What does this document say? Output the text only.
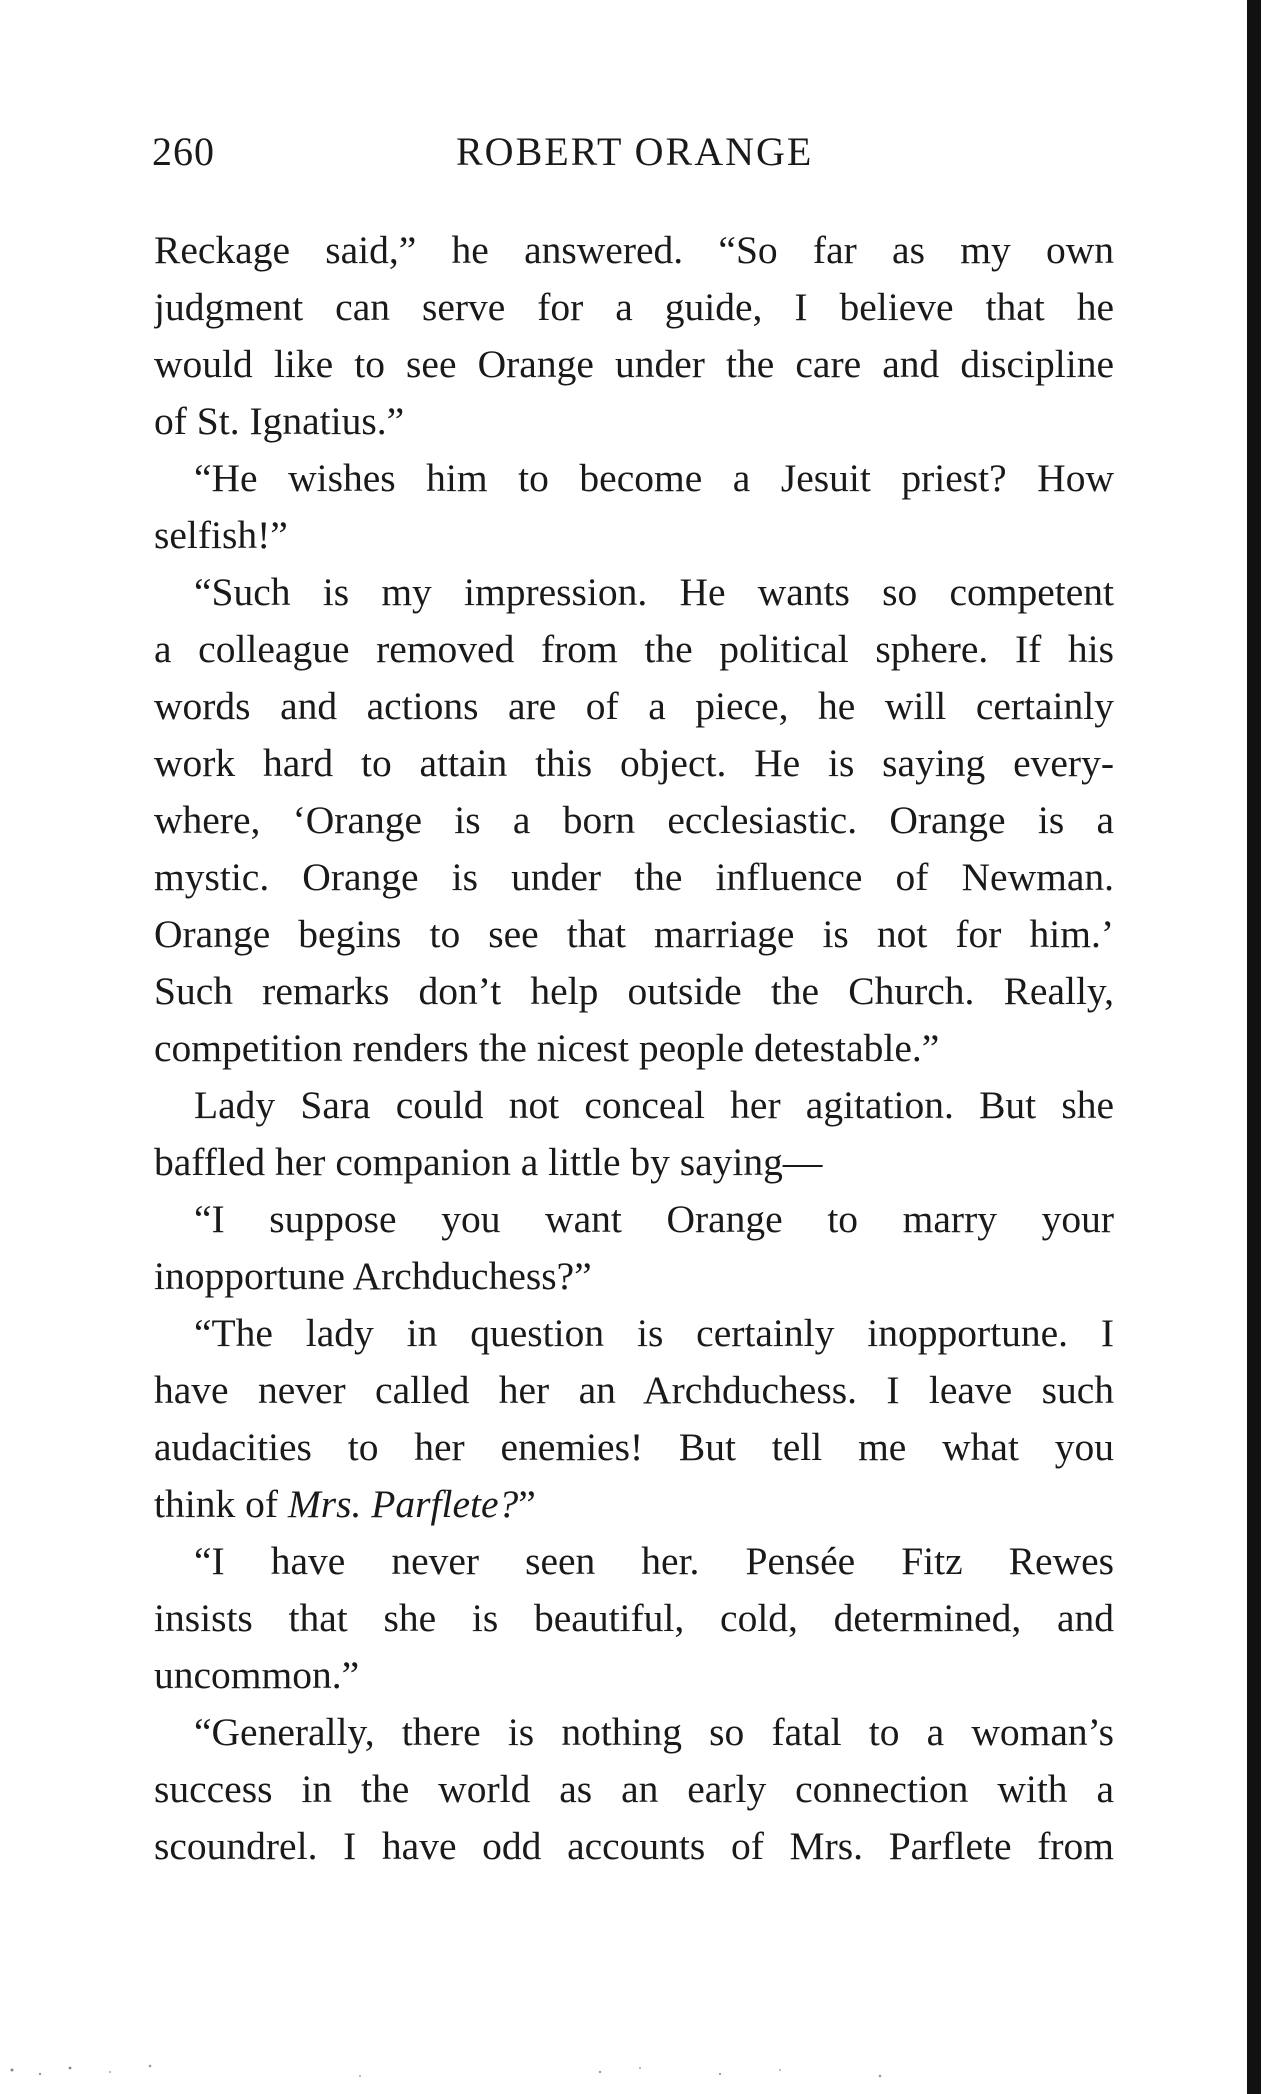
260	ROBERT ORANGE
Reckage said,” he answered. “So far as my own
judgment can serve for a guide, I believe that he
would like to see Orange under the care and discipline
of St. Ignatius.”
“He wishes him to become a Jesuit priest? How
selfish!”
“Such is my impression. He wants so competent
a colleague removed from the political sphere. If his
words and actions are of a piece, he will certainly
work hard to attain this object. He is saying every-
where, ‘Orange is a born ecclesiastic. Orange is a
mystic. Orange is under the influence of Newman.
Orange begins to see that marriage is not for him.’
Such remarks don’t help outside the Church. Really,
competition renders the nicest people detestable.”
Lady Sara could not conceal her agitation. But she
baffled her companion a little by saying—
“I suppose you want Orange to marry your
inopportune Archduchess?”
“The lady in question is certainly inopportune. I
have never called her an Archduchess. I leave such
audacities to her enemies! But tell me what you
think of Mrs. Parflete?”
“I have never seen her. Pensée Fitz Rewes
insists that she is beautiful, cold, determined, and
uncommon.”
“Generally, there is nothing so fatal to a woman’s
success in the world as an early connection with a
scoundrel. I have odd accounts of Mrs. Parflete from
